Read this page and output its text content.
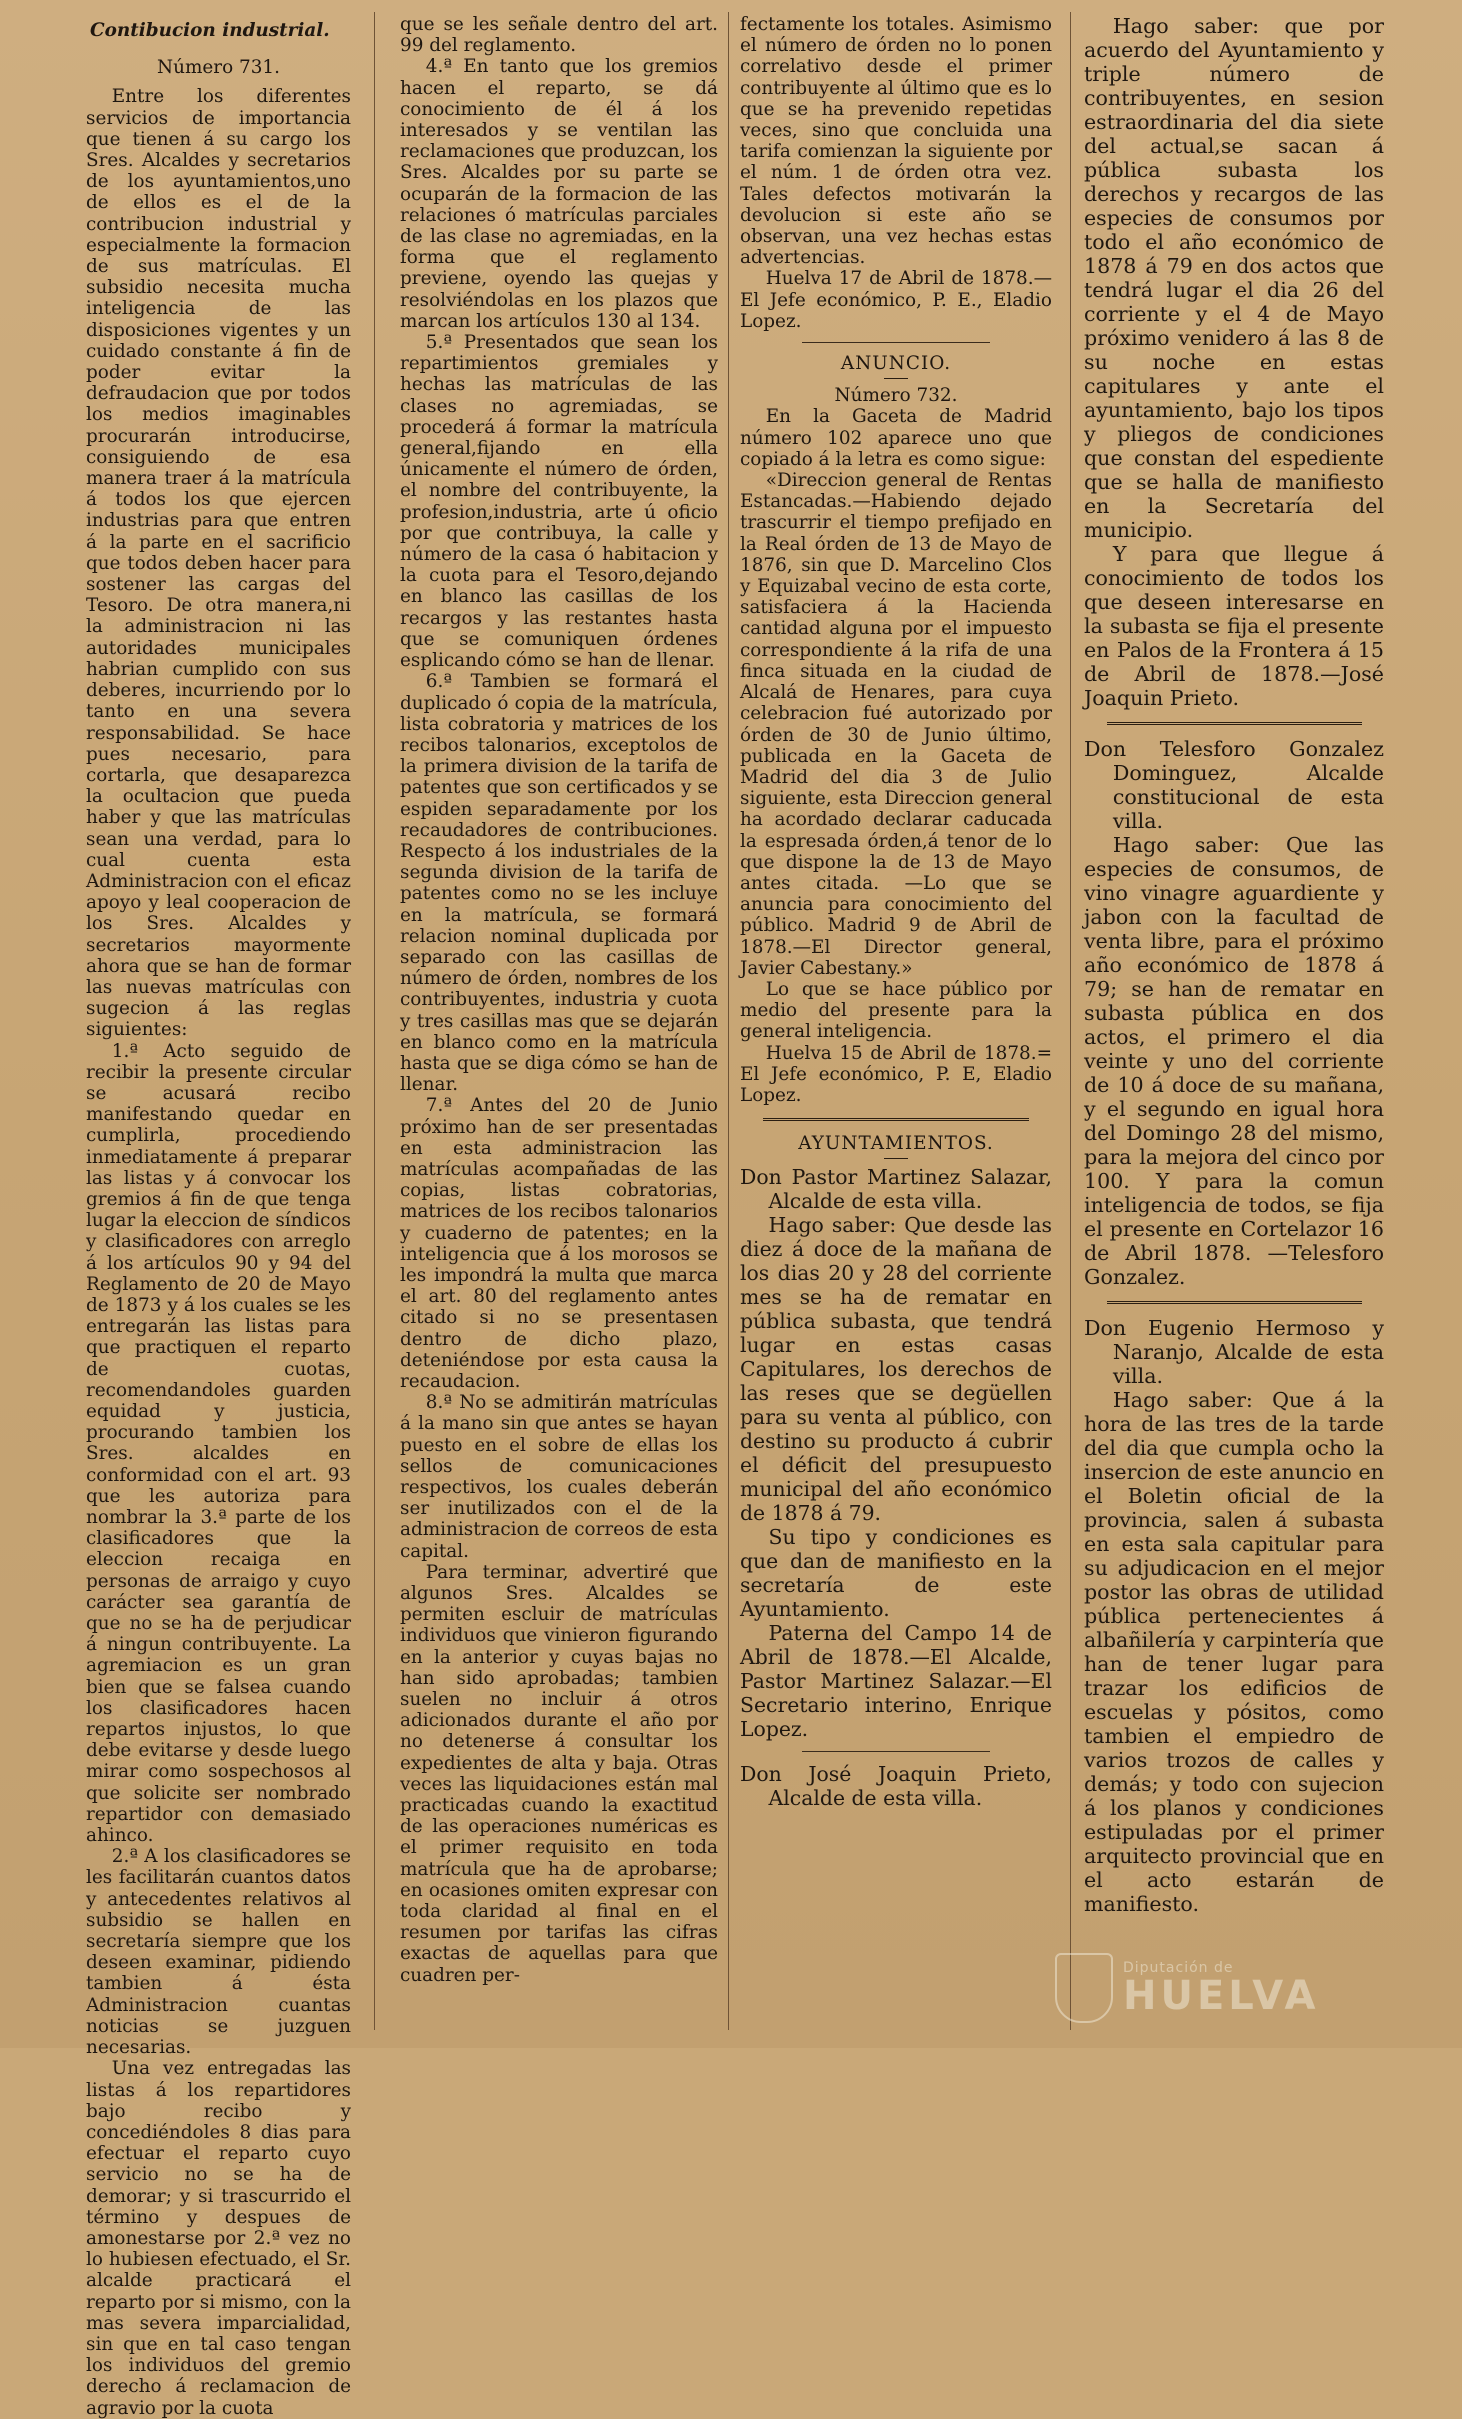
Contibucion industrial.

Número 731.

Entre los diferentes servicios de importancia que tienen á su cargo los Sres. Alcaldes y secretarios de los ayuntamientos,uno de ellos es el de la contribucion industrial y especialmente la formacion de sus matrículas. El subsidio necesita mucha inteligencia de las disposiciones vigentes y un cuidado constante á fin de poder evitar la defraudacion que por todos los medios imaginables procurarán introducirse, consiguiendo de esa manera traer á la matrícula á todos los que ejercen industrias para que entren á la parte en el sacrificio que todos deben hacer para sostener las cargas del Tesoro. De otra manera,ni la administracion ni las autoridades municipales habrian cumplido con sus deberes, incurriendo por lo tanto en una severa responsabilidad. Se hace pues necesario, para cortarla, que desaparezca la ocultacion que pueda haber y que las matrículas sean una verdad, para lo cual cuenta esta Administracion con el eficaz apoyo y leal cooperacion de los Sres. Alcaldes y secretarios mayormente ahora que se han de formar las nuevas matrículas con sugecion á las reglas siguientes:

1.ª Acto seguido de recibir la presente circular se acusará recibo manifestando quedar en cumplirla, procediendo inmediatamente á preparar las listas y á convocar los gremios á fin de que tenga lugar la eleccion de síndicos y clasificadores con arreglo á los artículos 90 y 94 del Reglamento de 20 de Mayo de 1873 y á los cuales se les entregarán las listas para que practiquen el reparto de cuotas, recomendandoles guarden equidad y justicia, procurando tambien los Sres. alcaldes en conformidad con el art. 93 que les autoriza para nombrar la 3.ª parte de los clasificadores que la eleccion recaiga en personas de arraigo y cuyo carácter sea garantía de que no se ha de perjudicar á ningun contribuyente. La agremiacion es un gran bien que se falsea cuando los clasificadores hacen repartos injustos, lo que debe evitarse y desde luego mirar como sospechosos al que solicite ser nombrado repartidor con demasiado ahinco.

2.ª A los clasificadores se les facilitarán cuantos datos y antecedentes relativos al subsidio se hallen en secretaría siempre que los deseen examinar, pidiendo tambien á ésta Administracion cuantas noticias se juzguen necesarias.

Una vez entregadas las listas á los repartidores bajo recibo y concediéndoles 8 dias para efectuar el reparto cuyo servicio no se ha de demorar; y si trascurrido el término y despues de amonestarse por 2.ª vez no lo hubiesen efectuado, el Sr. alcalde practicará el reparto por si mismo, con la mas severa imparcialidad, sin que en tal caso tengan los individuos del gremio derecho á reclamacion de agravio por la cuota

que se les señale dentro del art. 99 del reglamento.

4.ª En tanto que los gremios hacen el reparto, se dá conocimiento de él á los interesados y se ventilan las reclamaciones que produzcan, los Sres. Alcaldes por su parte se ocuparán de la formacion de las relaciones ó matrículas parciales de las clase no agremiadas, en la forma que el reglamento previene, oyendo las quejas y resolviéndolas en los plazos que marcan los artículos 130 al 134.

5.ª Presentados que sean los repartimientos gremiales y hechas las matrículas de las clases no agremiadas, se procederá á formar la matrícula general,fijando en ella únicamente el número de órden, el nombre del contribuyente, la profesion,industria, arte ú oficio por que contribuya, la calle y número de la casa ó habitacion y la cuota para el Tesoro,dejando en blanco las casillas de los recargos y las restantes hasta que se comuniquen órdenes esplicando cómo se han de llenar.

6.ª Tambien se formará el duplicado ó copia de la matrícula, lista cobratoria y matrices de los recibos talonarios, exceptolos de la primera division de la tarifa de patentes que son certificados y se espiden separadamente por los recaudadores de contribuciones. Respecto á los industriales de la segunda division de la tarifa de patentes como no se les incluye en la matrícula, se formará relacion nominal duplicada por separado con las casillas de número de órden, nombres de los contribuyentes, industria y cuota y tres casillas mas que se dejarán en blanco como en la matrícula hasta que se diga cómo se han de llenar.

7.ª Antes del 20 de Junio próximo han de ser presentadas en esta administracion las matrículas acompañadas de las copias, listas cobratorias, matrices de los recibos talonarios y cuaderno de patentes; en la inteligencia que á los morosos se les impondrá la multa que marca el art. 80 del reglamento antes citado si no se presentasen dentro de dicho plazo, deteniéndose por esta causa la recaudacion.

8.ª No se admitirán matrículas á la mano sin que antes se hayan puesto en el sobre de ellas los sellos de comunicaciones respectivos, los cuales deberán ser inutilizados con el de la administracion de correos de esta capital.

Para terminar, advertiré que algunos Sres. Alcaldes se permiten escluir de matrículas individuos que vinieron figurando en la anterior y cuyas bajas no han sido aprobadas; tambien suelen no incluir á otros adicionados durante el año por no detenerse á consultar los expedientes de alta y baja. Otras veces las liquidaciones están mal practicadas cuando la exactitud de las operaciones numéricas es el primer requisito en toda matrícula que ha de aprobarse; en ocasiones omiten expresar con toda claridad al final en el resumen por tarifas las cifras exactas de aquellas para que cuadren per-

fectamente los totales. Asimismo el número de órden no lo ponen correlativo desde el primer contribuyente al último que es lo que se ha prevenido repetidas veces, sino que concluida una tarifa comienzan la siguiente por el núm. 1 de órden otra vez. Tales defectos motivarán la devolucion si este año se observan, una vez hechas estas advertencias.

Huelva 17 de Abril de 1878.—El Jefe económico, P. E., Eladio Lopez.

ANUNCIO.

Número 732.

En la Gaceta de Madrid número 102 aparece uno que copiado á la letra es como sigue:

«Direccion general de Rentas Estancadas.—Habiendo dejado trascurrir el tiempo prefijado en la Real órden de 13 de Mayo de 1876, sin que D. Marcelino Clos y Equizabal vecino de esta corte, satisfaciera á la Hacienda cantidad alguna por el impuesto correspondiente á la rifa de una finca situada en la ciudad de Alcalá de Henares, para cuya celebracion fué autorizado por órden de 30 de Junio último, publicada en la Gaceta de Madrid del dia 3 de Julio siguiente, esta Direccion general ha acordado declarar caducada la espresada órden,á tenor de lo que dispone la de 13 de Mayo antes citada. —Lo que se anuncia para conocimiento del público. Madrid 9 de Abril de 1878.—El Director general, Javier Cabestany.»

Lo que se hace público por medio del presente para la general inteligencia.

Huelva 15 de Abril de 1878.= El Jefe económico, P. E, Eladio Lopez.

AYUNTAMIENTOS.

Don Pastor Martinez Salazar, Alcalde de esta villa.

Hago saber: Que desde las diez á doce de la mañana de los dias 20 y 28 del corriente mes se ha de rematar en pública subasta, que tendrá lugar en estas casas Capitulares, los derechos de las reses que se degüellen para su venta al público, con destino su producto á cubrir el déficit del presupuesto municipal del año económico de 1878 á 79.

Su tipo y condiciones es que dan de manifiesto en la secretaría de este Ayuntamiento.

Paterna del Campo 14 de Abril de 1878.—El Alcalde, Pastor Martinez Salazar.—El Secretario interino, Enrique Lopez.

Don José Joaquin Prieto, Alcalde de esta villa.

Hago saber: que por acuerdo del Ayuntamiento y triple número de contribuyentes, en sesion estraordinaria del dia siete del actual,se sacan á pública subasta los derechos y recargos de las especies de consumos por todo el año económico de 1878 á 79 en dos actos que tendrá lugar el dia 26 del corriente y el 4 de Mayo próximo venidero á las 8 de su noche en estas capitulares y ante el ayuntamiento, bajo los tipos y pliegos de condiciones que constan del espediente que se halla de manifiesto en la Secretaría del municipio.

Y para que llegue á conocimiento de todos los que deseen interesarse en la subasta se fija el presente en Palos de la Frontera á 15 de Abril de 1878.—José Joaquin Prieto.

Don Telesforo Gonzalez Dominguez, Alcalde constitucional de esta villa.

Hago saber: Que las especies de consumos, de vino vinagre aguardiente y jabon con la facultad de venta libre, para el próximo año económico de 1878 á 79; se han de rematar en subasta pública en dos actos, el primero el dia veinte y uno del corriente de 10 á doce de su mañana, y el segundo en igual hora del Domingo 28 del mismo, para la mejora del cinco por 100. Y para la comun inteligencia de todos, se fija el presente en Cortelazor 16 de Abril 1878. —Telesforo Gonzalez.

Don Eugenio Hermoso y Naranjo, Alcalde de esta villa.

Hago saber: Que á la hora de las tres de la tarde del dia que cumpla ocho la insercion de este anuncio en el Boletin oficial de la provincia, salen á subasta en esta sala capitular para su adjudicacion en el mejor postor las obras de utilidad pública pertenecientes á albañilería y carpintería que han de tener lugar para trazar los edificios de escuelas y pósitos, como tambien el empiedro de varios trozos de calles y demás; y todo con sujecion á los planos y condiciones estipuladas por el primer arquitecto provincial que en el acto estarán de manifiesto.

Diputación de
HUELVA
